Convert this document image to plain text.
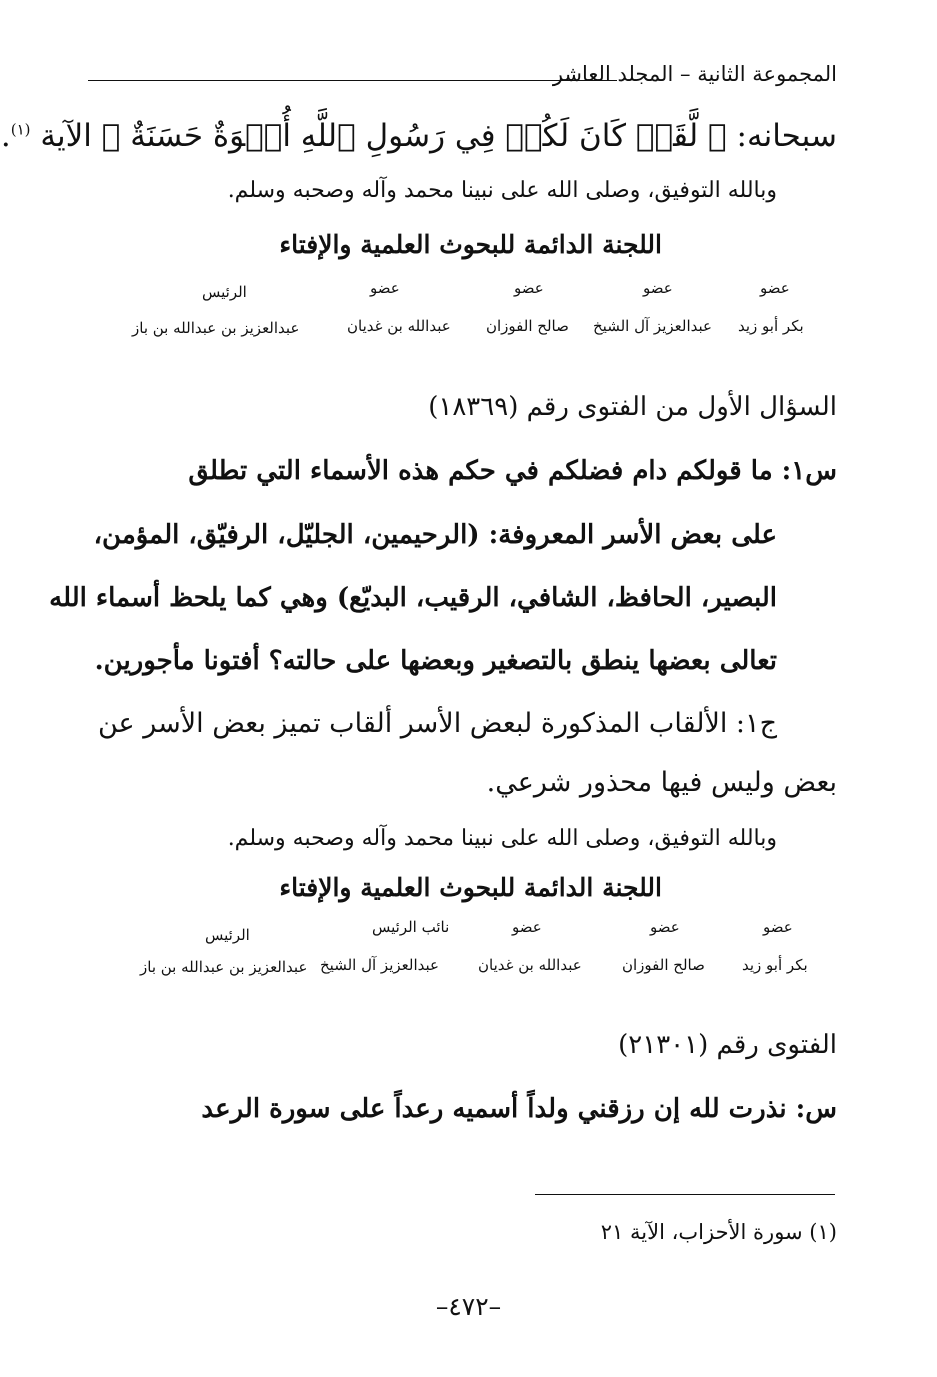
المجموعة الثانية – المجلد العاشر
سبحانه: ﴿ لَّقَدۡ كَانَ لَكُمۡ فِي رَسُولِ ٱللَّهِ أُسۡوَةٌ حَسَنَةٌ ﴾ الآية $^{(١)}$.
وبالله التوفيق، وصلى الله على نبينا محمد وآله وصحبه وسلم.
اللجنة الدائمة للبحوث العلمية والإفتاء
عضو
عضو
عضو
عضو
الرئيس
بكر أبو زيد
عبدالعزيز آل الشيخ
صالح الفوزان
عبدالله بن غديان
عبدالعزيز بن عبدالله بن باز
السؤال الأول من الفتوى رقم (١٨٣٦٩)
س١: ما قولكم دام فضلكم في حكم هذه الأسماء التي تطلق
على بعض الأسر المعروفة: (الرحيمين، الجليّل، الرفيّق، المؤمن،
البصير، الحافظ، الشافي، الرقيب، البديّع) وهي كما يلحظ أسماء الله
تعالى بعضها ينطق بالتصغير وبعضها على حالته؟ أفتونا مأجورين.
ج١: الألقاب المذكورة لبعض الأسر ألقاب تميز بعض الأسر عن
بعض وليس فيها محذور شرعي.
وبالله التوفيق، وصلى الله على نبينا محمد وآله وصحبه وسلم.
اللجنة الدائمة للبحوث العلمية والإفتاء
عضو
عضو
عضو
نائب الرئيس
الرئيس
بكر أبو زيد
صالح الفوزان
عبدالله بن غديان
عبدالعزيز آل الشيخ
عبدالعزيز بن عبدالله بن باز
الفتوى رقم (٢١٣٠١)
س: نذرت لله إن رزقني ولداً أسميه رعداً على سورة الرعد
(١) سورة الأحزاب، الآية ٢١
–٤٧٢–
